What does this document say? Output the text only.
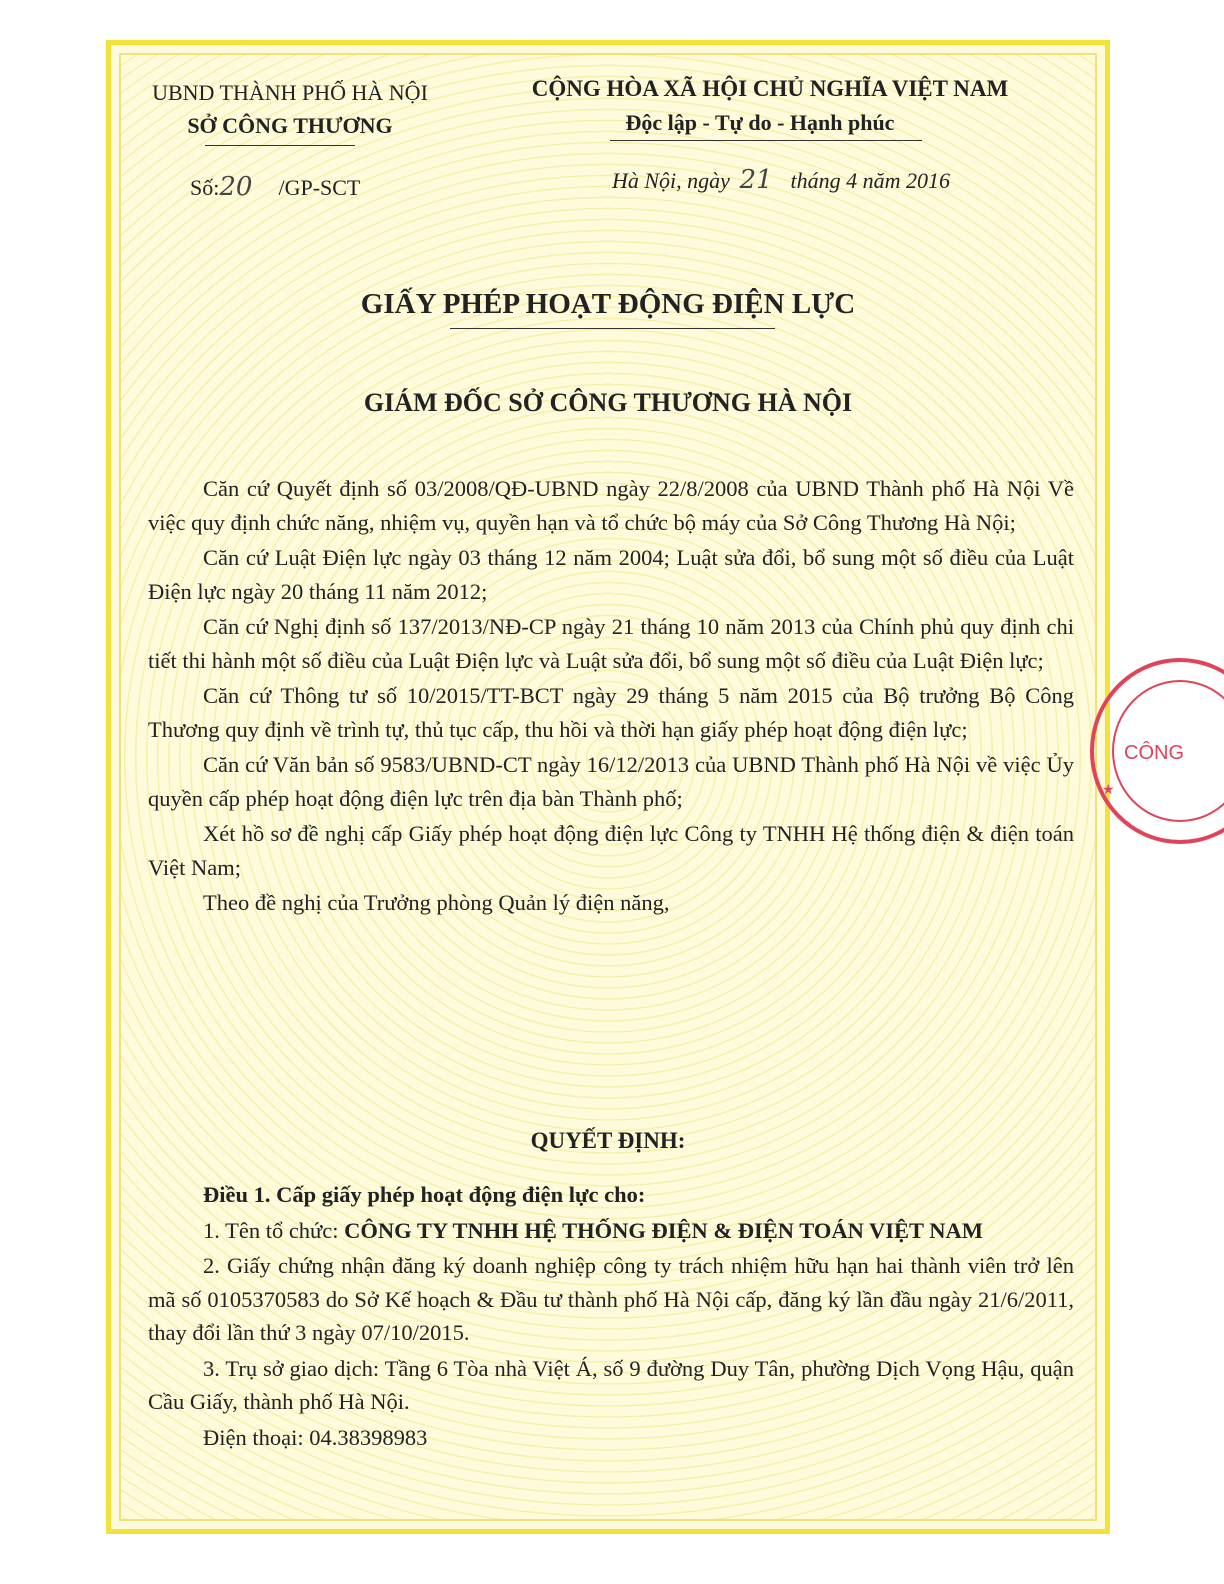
UBND THÀNH PHỐ HÀ NỘI
SỞ CÔNG THƯƠNG
Số:20 /GP-SCT
CỘNG HÒA XÃ HỘI CHỦ NGHĨA VIỆT NAM
Độc lập - Tự do - Hạnh phúc
Hà Nội, ngày 21 tháng 4 năm 2016
GIẤY PHÉP HOẠT ĐỘNG ĐIỆN LỰC
GIÁM ĐỐC SỞ CÔNG THƯƠNG HÀ NỘI

Căn cứ Quyết định số 03/2008/QĐ-UBND ngày 22/8/2008 của UBND Thành phố Hà Nội Về việc quy định chức năng, nhiệm vụ, quyền hạn và tổ chức bộ máy của Sở Công Thương Hà Nội;

Căn cứ Luật Điện lực ngày 03 tháng 12 năm 2004; Luật sửa đổi, bổ sung một số điều của Luật Điện lực ngày 20 tháng 11 năm 2012;

Căn cứ Nghị định số 137/2013/NĐ-CP ngày 21 tháng 10 năm 2013 của Chính phủ quy định chi tiết thi hành một số điều của Luật Điện lực và Luật sửa đổi, bổ sung một số điều của Luật Điện lực;

Căn cứ Thông tư số 10/2015/TT-BCT ngày 29 tháng 5 năm 2015 của Bộ trưởng Bộ Công Thương quy định về trình tự, thủ tục cấp, thu hồi và thời hạn giấy phép hoạt động điện lực;

Căn cứ Văn bản số 9583/UBND-CT ngày 16/12/2013 của UBND Thành phố Hà Nội về việc Ủy quyền cấp phép hoạt động điện lực trên địa bàn Thành phố;

Xét hồ sơ đề nghị cấp Giấy phép hoạt động điện lực Công ty TNHH Hệ thống điện & điện toán Việt Nam;

Theo đề nghị của Trưởng phòng Quản lý điện năng,

QUYẾT ĐỊNH:

Điều 1. Cấp giấy phép hoạt động điện lực cho:

1. Tên tổ chức: CÔNG TY TNHH HỆ THỐNG ĐIỆN & ĐIỆN TOÁN VIỆT NAM

2. Giấy chứng nhận đăng ký doanh nghiệp công ty trách nhiệm hữu hạn hai thành viên trở lên mã số 0105370583 do Sở Kế hoạch & Đầu tư thành phố Hà Nội cấp, đăng ký lần đầu ngày 21/6/2011, thay đổi lần thứ 3 ngày 07/10/2015.

3. Trụ sở giao dịch: Tầng 6 Tòa nhà Việt Á, số 9 đường Duy Tân, phường Dịch Vọng Hậu, quận Cầu Giấy, thành phố Hà Nội.

Điện thoại: 04.38398983

CÔNG
★
